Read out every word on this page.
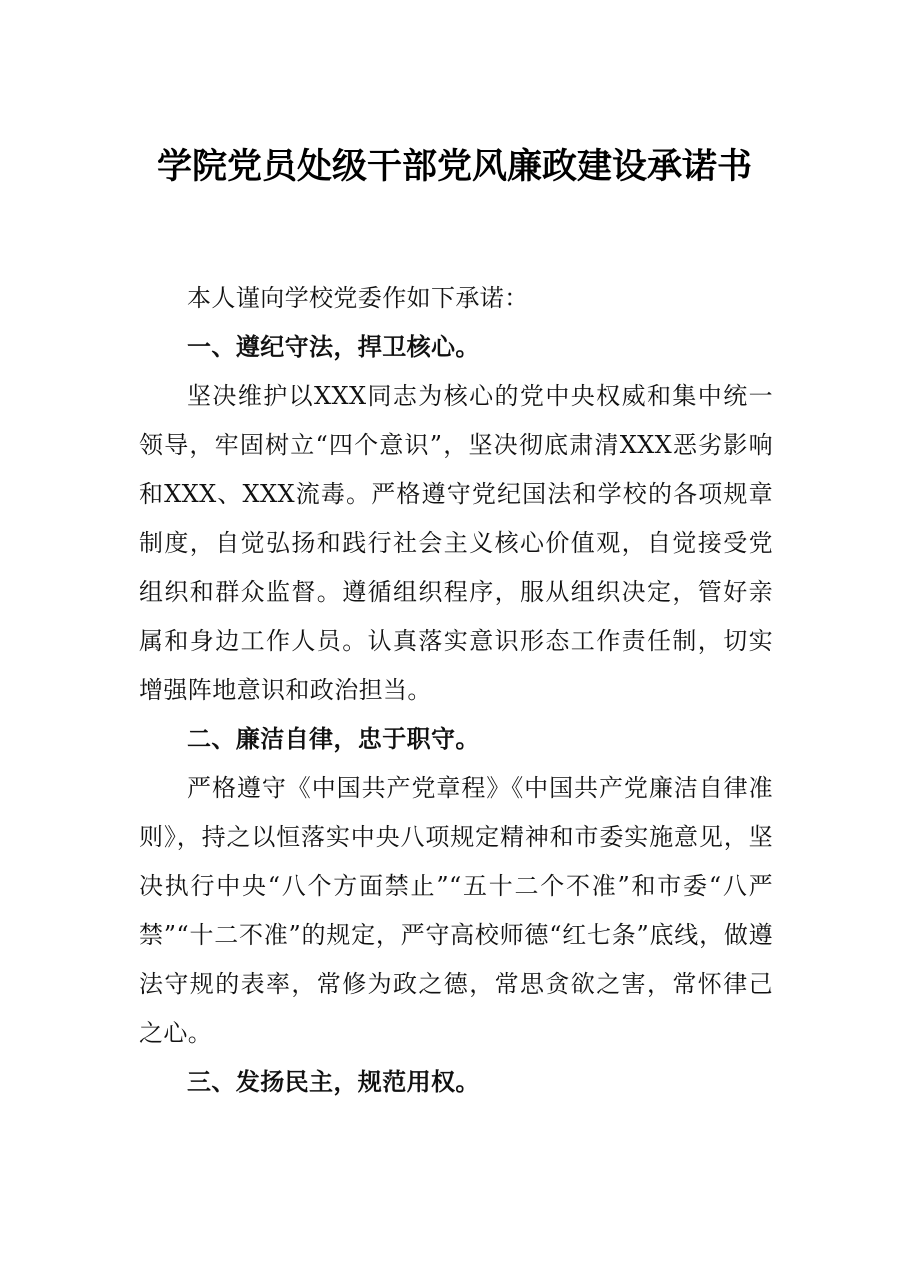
学院党员处级干部党风廉政建设承诺书

本人谨向学校党委作如下承诺：

一、遵纪守法，捍卫核心。

坚决维护以XXX同志为核心的党中央权威和集中统一领导，牢固树立“四个意识”，坚决彻底肃清XXX恶劣影响和XXX、XXX流毒。严格遵守党纪国法和学校的各项规章制度，自觉弘扬和践行社会主义核心价值观，自觉接受党组织和群众监督。遵循组织程序，服从组织决定，管好亲属和身边工作人员。认真落实意识形态工作责任制，切实增强阵地意识和政治担当。

二、廉洁自律，忠于职守。

严格遵守《中国共产党章程》《中国共产党廉洁自律准则》，持之以恒落实中央八项规定精神和市委实施意见，坚决执行中央“八个方面禁止”“五十二个不准”和市委“八严禁”“十二不准”的规定，严守高校师德“红七条”底线，做遵法守规的表率，常修为政之德，常思贪欲之害，常怀律己之心。

三、发扬民主，规范用权。
